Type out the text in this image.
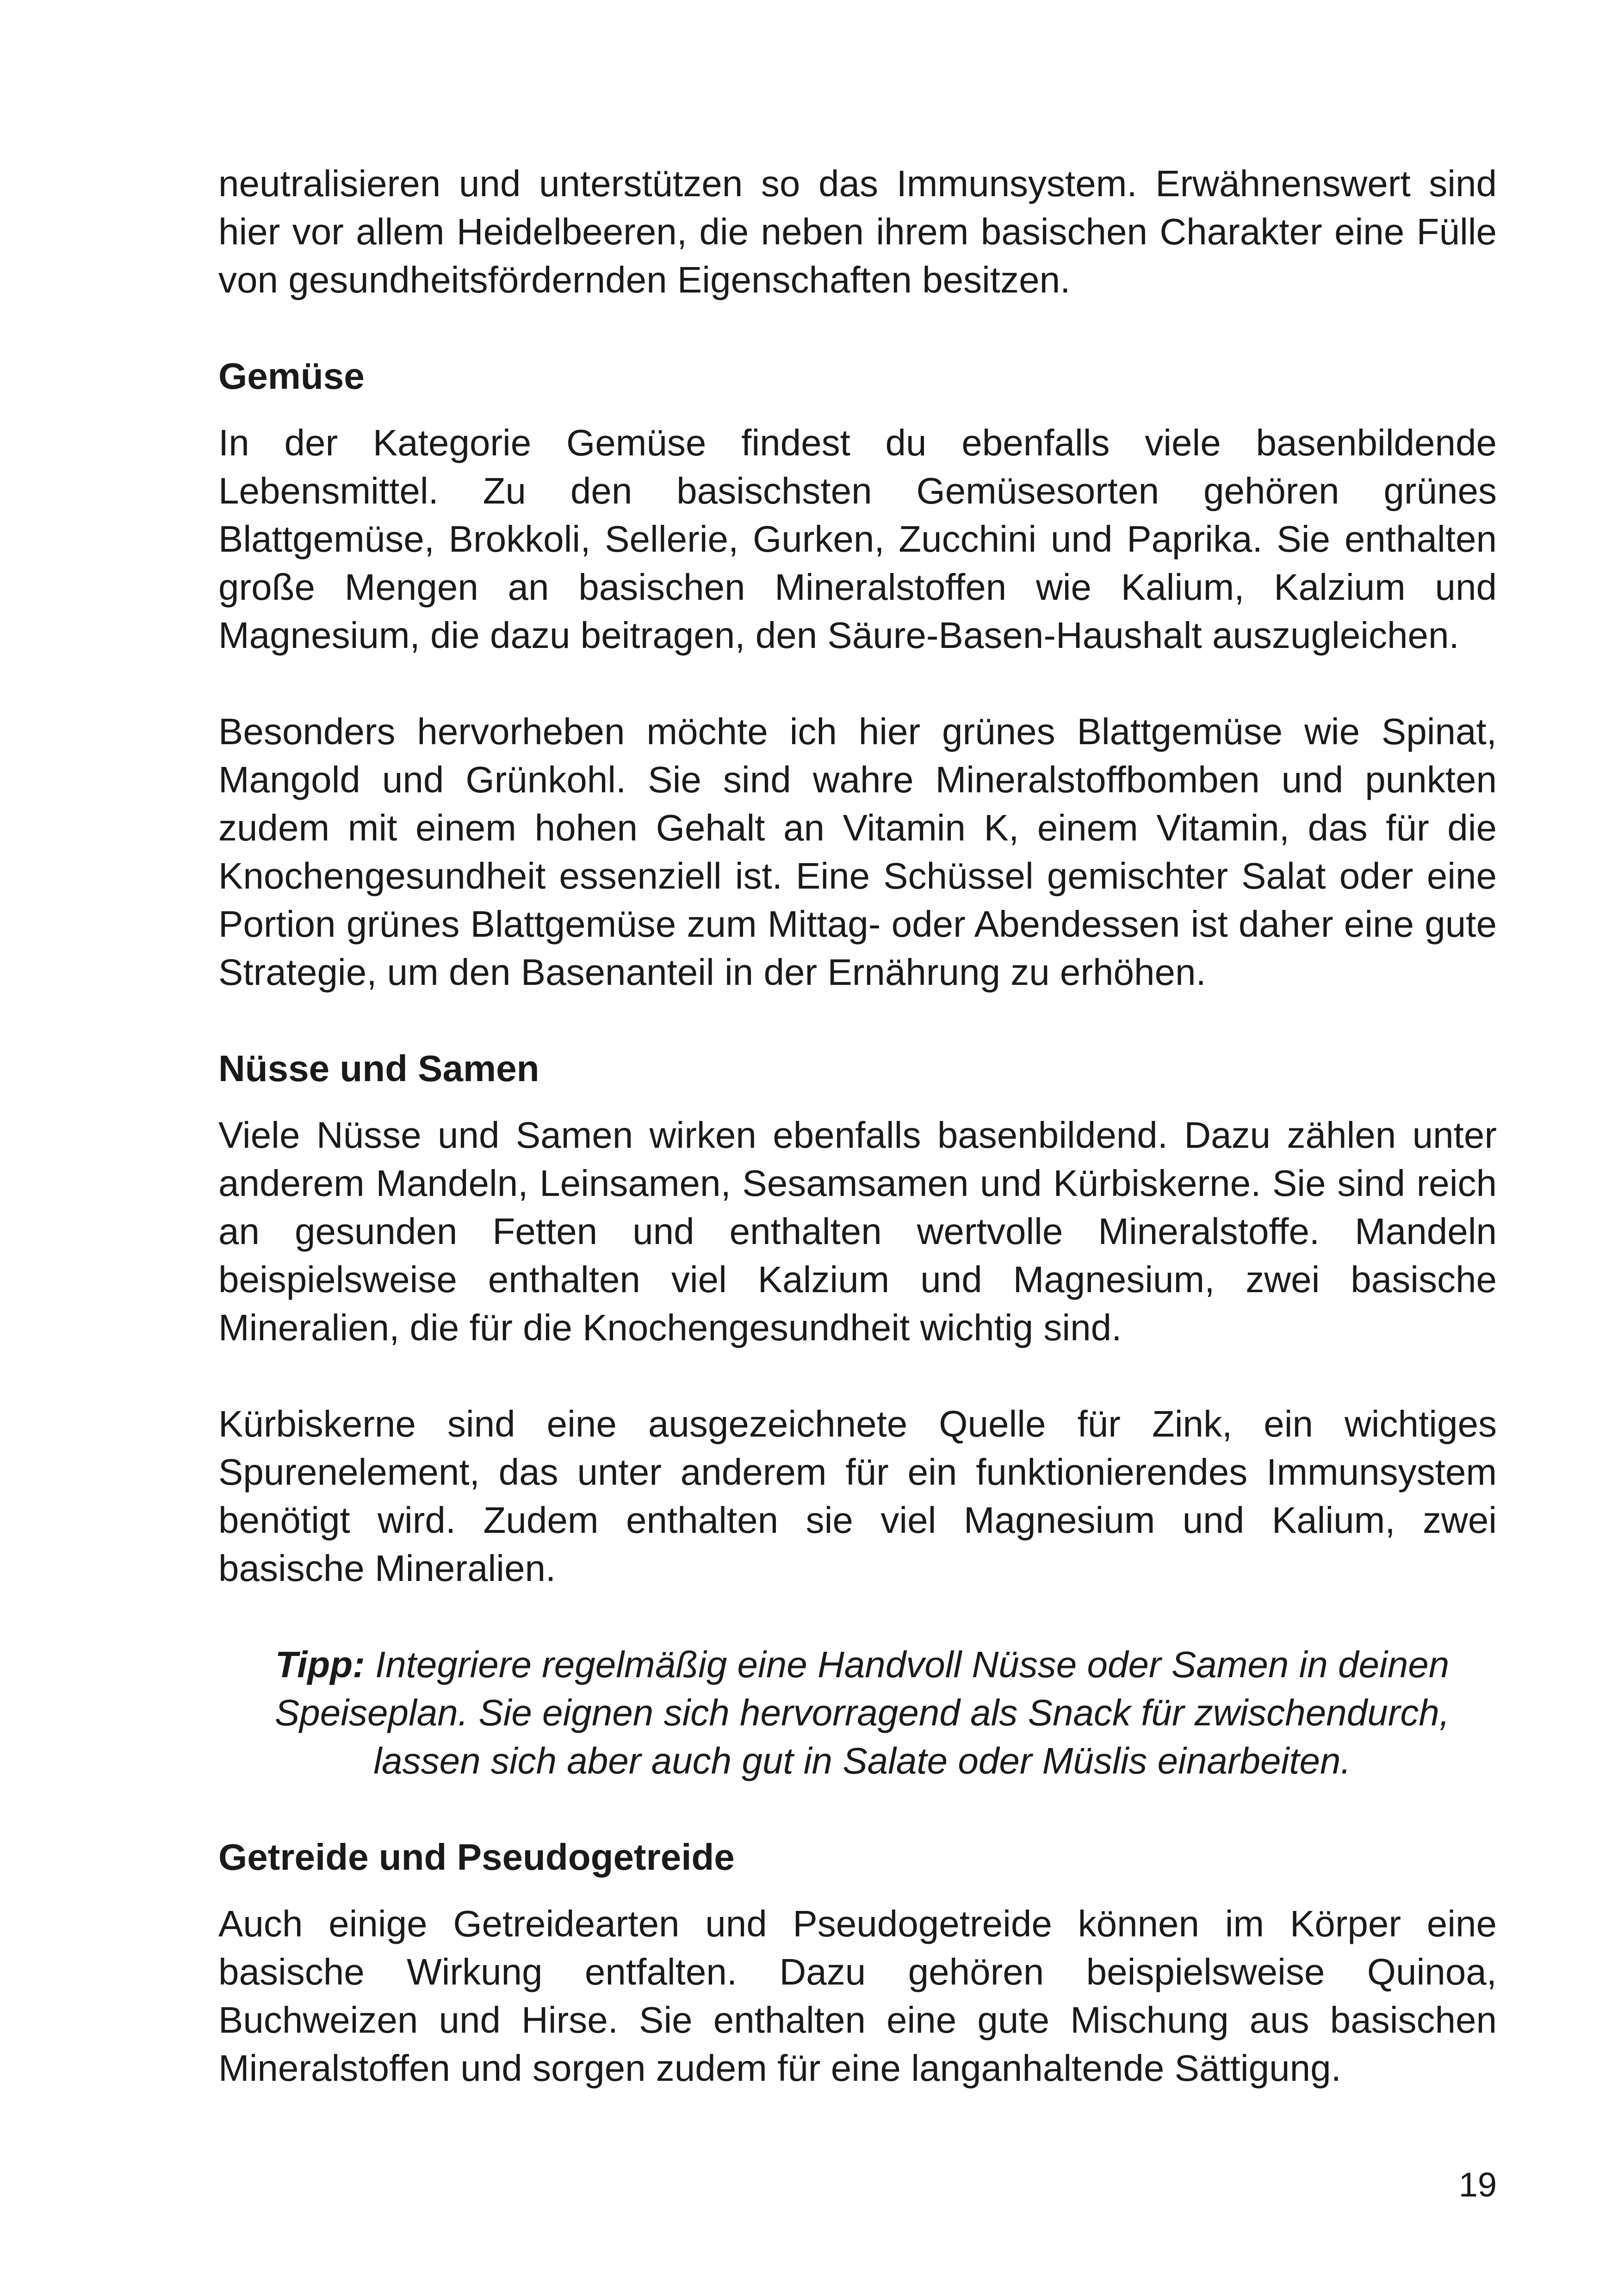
neutralisieren und unterstützen so das Immunsystem. Erwähnenswert sind hier vor allem Heidelbeeren, die neben ihrem basischen Charakter eine Fülle von gesundheitsfördernden Eigenschaften besitzen.

Gemüse

In der Kategorie Gemüse findest du ebenfalls viele basenbildende Lebensmittel. Zu den basischsten Gemüsesorten gehören grünes Blattgemüse, Brokkoli, Sellerie, Gurken, Zucchini und Paprika. Sie enthalten große Mengen an basischen Mineralstoffen wie Kalium, Kalzium und Magnesium, die dazu beitragen, den Säure-Basen-Haushalt auszugleichen.

Besonders hervorheben möchte ich hier grünes Blattgemüse wie Spinat, Mangold und Grünkohl. Sie sind wahre Mineralstoffbomben und punkten zudem mit einem hohen Gehalt an Vitamin K, einem Vitamin, das für die Knochengesundheit essenziell ist. Eine Schüssel gemischter Salat oder eine Portion grünes Blattgemüse zum Mittag- oder Abendessen ist daher eine gute Strategie, um den Basenanteil in der Ernährung zu erhöhen.

Nüsse und Samen

Viele Nüsse und Samen wirken ebenfalls basenbildend. Dazu zählen unter anderem Mandeln, Leinsamen, Sesamsamen und Kürbiskerne. Sie sind reich an gesunden Fetten und enthalten wertvolle Mineralstoffe. Mandeln beispielsweise enthalten viel Kalzium und Magnesium, zwei basische Mineralien, die für die Knochengesundheit wichtig sind.

Kürbiskerne sind eine ausgezeichnete Quelle für Zink, ein wichtiges Spurenelement, das unter anderem für ein funktionierendes Immunsystem benötigt wird. Zudem enthalten sie viel Magnesium und Kalium, zwei basische Mineralien.

Tipp: Integriere regelmäßig eine Handvoll Nüsse oder Samen in deinen Speiseplan. Sie eignen sich hervorragend als Snack für zwischendurch, lassen sich aber auch gut in Salate oder Müslis einarbeiten.

Getreide und Pseudogetreide

Auch einige Getreidearten und Pseudogetreide können im Körper eine basische Wirkung entfalten. Dazu gehören beispielsweise Quinoa, Buchweizen und Hirse. Sie enthalten eine gute Mischung aus basischen Mineralstoffen und sorgen zudem für eine langanhaltende Sättigung.

19
